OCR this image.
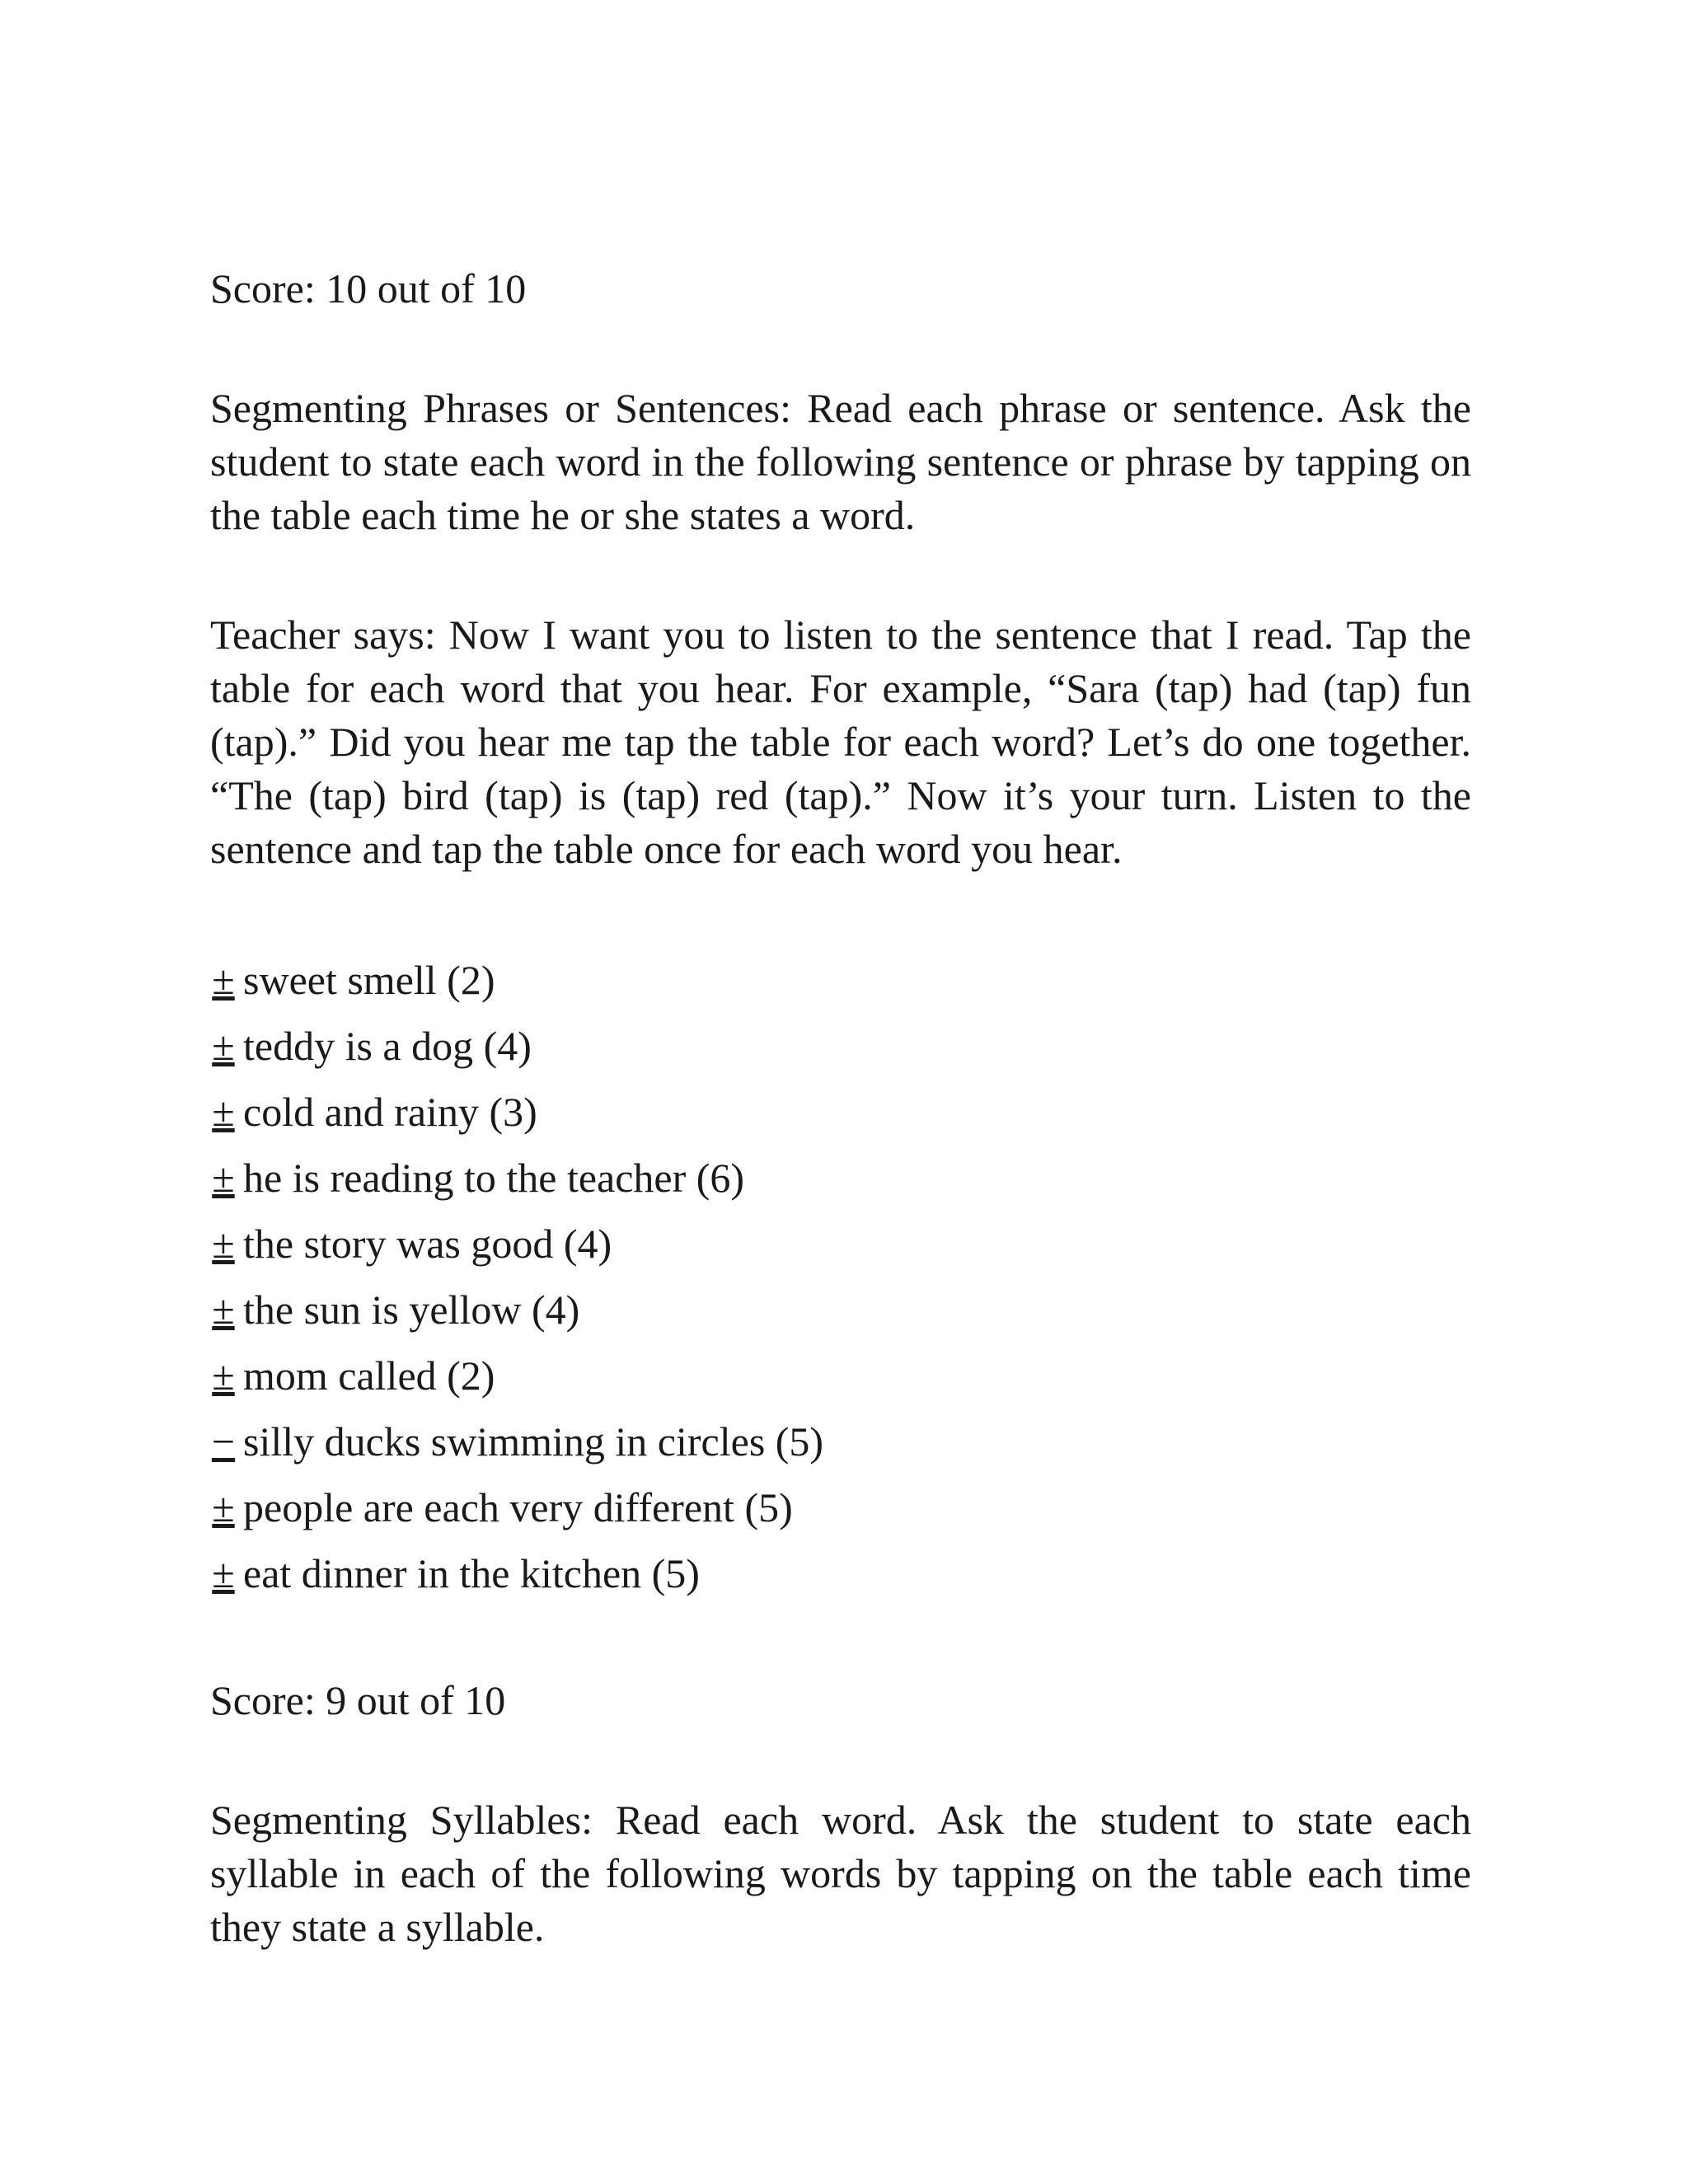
Score: 10 out of 10

Segmenting Phrases or Sentences: Read each phrase or sentence. Ask the student to state each word in the following sentence or phrase by tapping on the table each time he or she states a word.

Teacher says: Now I want you to listen to the sentence that I read. Tap the table for each word that you hear. For example, “Sara (tap) had (tap) fun (tap).” Did you hear me tap the table for each word? Let’s do one together. “The (tap) bird (tap) is (tap) red (tap).” Now it’s your turn. Listen to the sentence and tap the table once for each word you hear.

± sweet smell (2)
± teddy is a dog (4)
± cold and rainy (3)
± he is reading to the teacher (6)
± the story was good (4)
± the sun is yellow (4)
± mom called (2)
− silly ducks swimming in circles (5)
± people are each very different (5)
± eat dinner in the kitchen (5)

Score: 9 out of 10

Segmenting Syllables: Read each word. Ask the student to state each syllable in each of the following words by tapping on the table each time they state a syllable.
